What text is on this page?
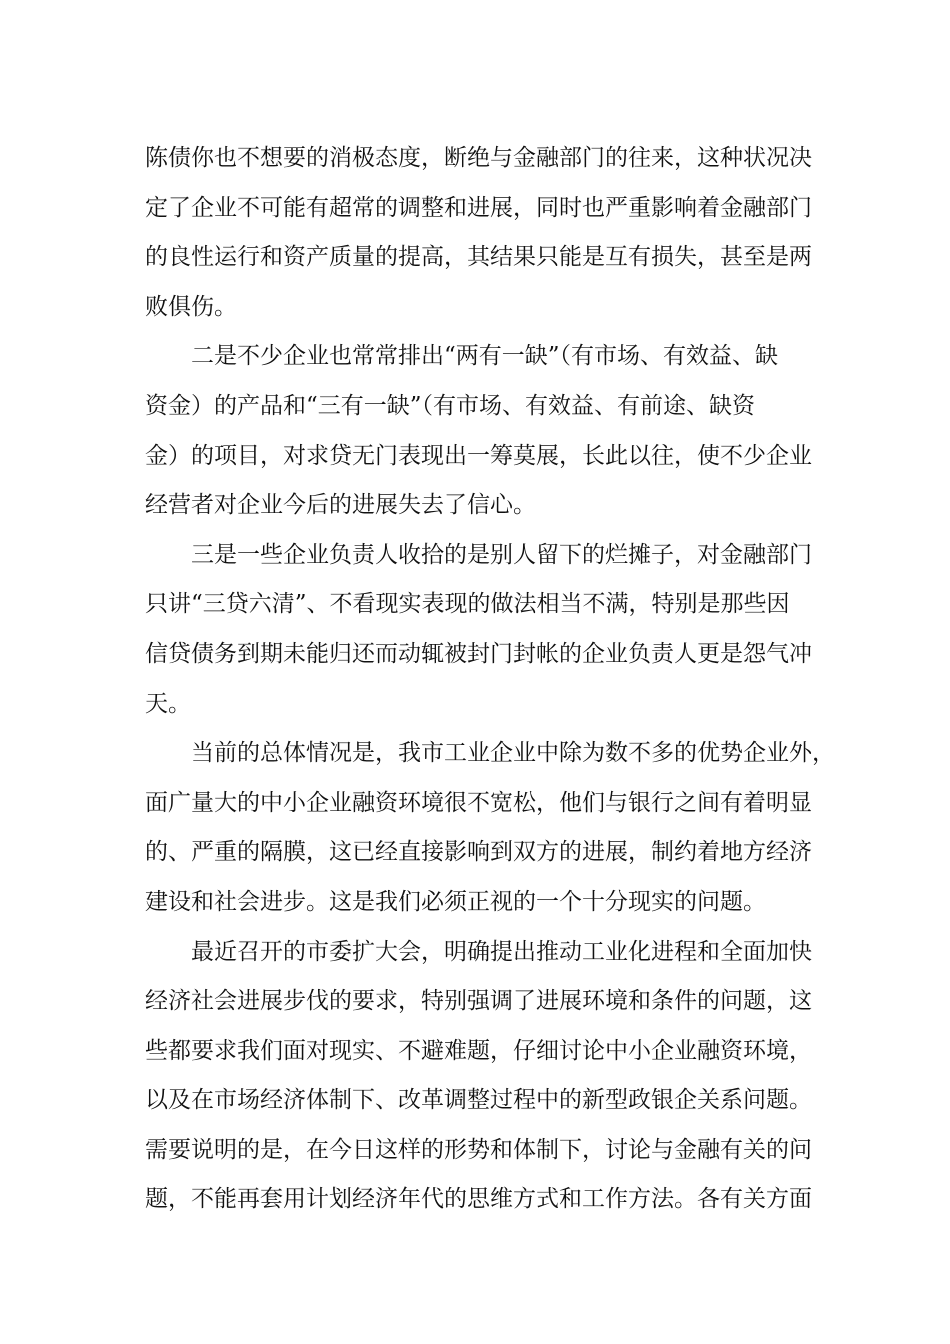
陈债你也不想要的消极态度，断绝与金融部门的往来，这种状况决
定了企业不可能有超常的调整和进展，同时也严重影响着金融部门
的良性运行和资产质量的提高，其结果只能是互有损失，甚至是两
败俱伤。
二是不少企业也常常排出“两有一缺”（有市场、有效益、缺
资金）的产品和“三有一缺”（有市场、有效益、有前途、缺资
金）的项目，对求贷无门表现出一筹莫展，长此以往，使不少企业
经营者对企业今后的进展失去了信心。
三是一些企业负责人收拾的是别人留下的烂摊子，对金融部门
只讲“三贷六清”、不看现实表现的做法相当不满，特别是那些因
信贷债务到期未能归还而动辄被封门封帐的企业负责人更是怨气冲
天。
当前的总体情况是，我市工业企业中除为数不多的优势企业外，
面广量大的中小企业融资环境很不宽松，他们与银行之间有着明显
的、严重的隔膜，这已经直接影响到双方的进展，制约着地方经济
建设和社会进步。这是我们必须正视的一个十分现实的问题。
最近召开的市委扩大会，明确提出推动工业化进程和全面加快
经济社会进展步伐的要求，特别强调了进展环境和条件的问题，这
些都要求我们面对现实、不避难题，仔细讨论中小企业融资环境，
以及在市场经济体制下、改革调整过程中的新型政银企关系问题。
需要说明的是，在今日这样的形势和体制下，讨论与金融有关的问
题，不能再套用计划经济年代的思维方式和工作方法。各有关方面
